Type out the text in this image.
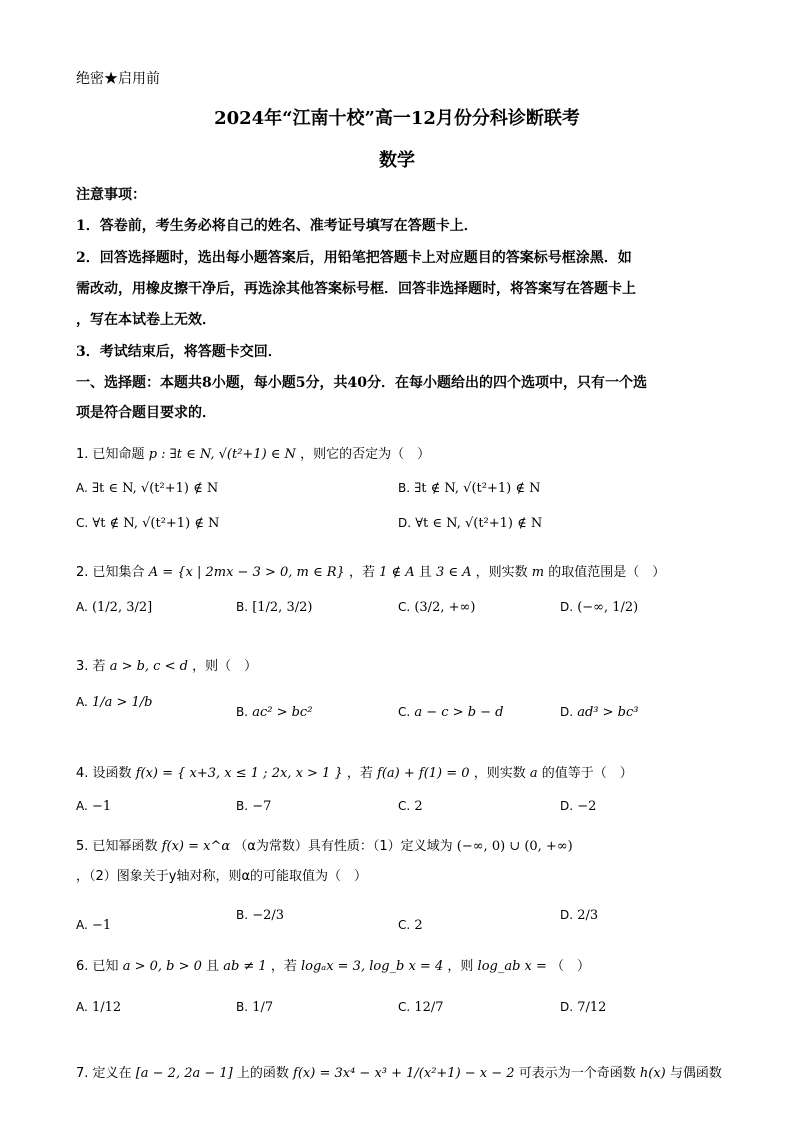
绝密★启用前
2024年“江南十校”高一12月份分科诊断联考
数学
注意事项：
1．答卷前，考生务必将自己的姓名、准考证号填写在答题卡上．
2．回答选择题时，选出每小题答案后，用铅笔把答题卡上对应题目的答案标号框涂黑．如
需改动，用橡皮擦干净后，再选涂其他答案标号框．回答非选择题时，将答案写在答题卡上
，写在本试卷上无效．
3．考试结束后，将答题卡交回．
一、选择题：本题共8小题，每小题5分，共40分．在每小题给出的四个选项中，只有一个选
项是符合题目要求的．
1. 已知命题 p : ∃t ∈ N, √(t²+1) ∈ N ，则它的否定为（　）
A. ∃t ∈ N, √(t²+1) ∉ N	B. ∃t ∉ N, √(t²+1) ∉ N
C. ∀t ∉ N, √(t²+1) ∉ N	D. ∀t ∈ N, √(t²+1) ∉ N
2. 已知集合 A = {x | 2mx − 3 > 0, m ∈ R} ，若 1 ∉ A 且 3 ∈ A ，则实数 m 的取值范围是（　）
A. (1/2, 3/2]	B. [1/2, 3/2)	C. (3/2, +∞)	D. (−∞, 1/2)
3. 若 a > b, c < d ，则（　）
A. 1/a > 1/b
B. ac² > bc²	C. a − c > b − d	D. ad³ > bc³
4. 设函数 f(x) = { x+3, x ≤ 1 ; 2x, x > 1 } ，若 f(a) + f(1) = 0 ，则实数 a 的值等于（　）
A. −1	B. −7	C. 2	D. −2
5. 已知幂函数 f(x) = x^α （α为常数）具有性质：（1）定义域为 (−∞, 0) ∪ (0, +∞)
，（2）图象关于y轴对称，则α的可能取值为（　）
A. −1
B. −2/3
C. 2
D. 2/3
6. 已知 a > 0, b > 0 且 ab ≠ 1 ，若 logₐx = 3, log_b x = 4 ，则 log_ab x = （　）
A. 1/12	B. 1/7	C. 12/7	D. 7/12
7. 定义在 [a − 2, 2a − 1] 上的函数 f(x) = 3x⁴ − x³ + 1/(x²+1) − x − 2 可表示为一个奇函数 h(x) 与偶函数
